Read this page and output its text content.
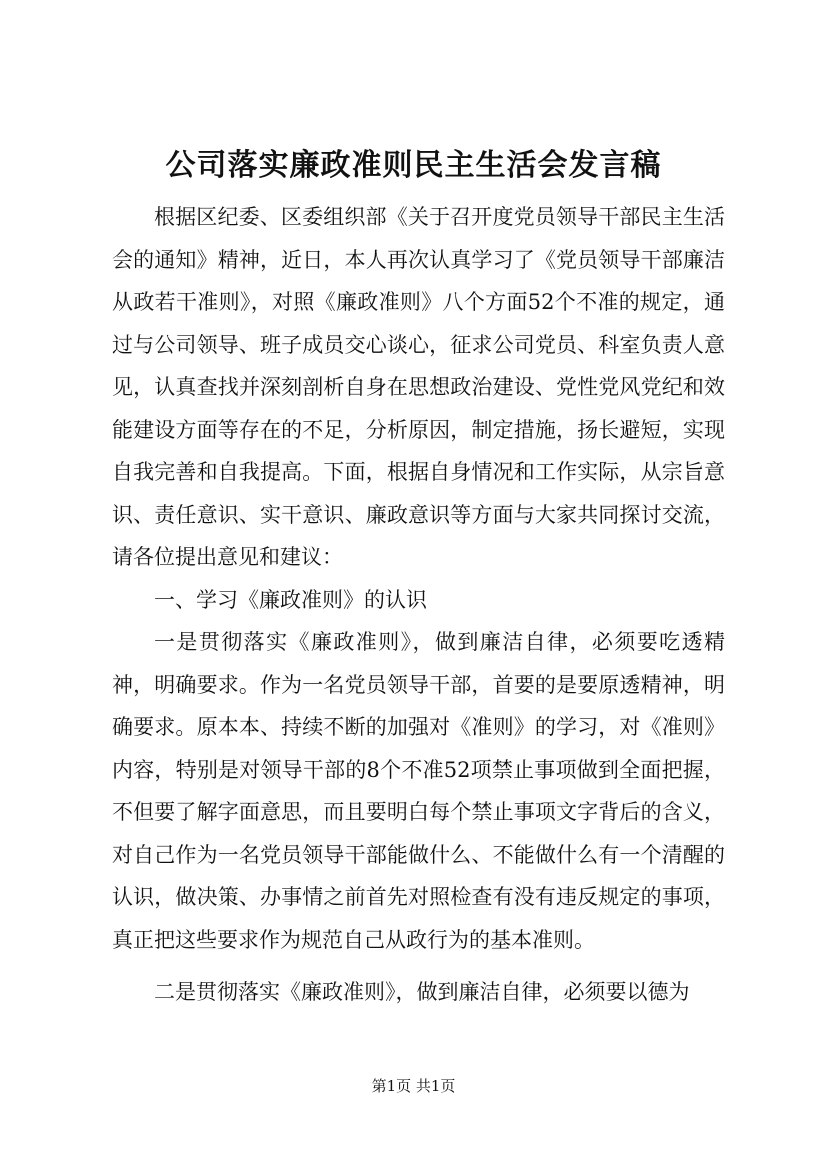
公司落实廉政准则民主生活会发言稿

根据区纪委、区委组织部《关于召开度党员领导干部民主生活会的通知》精神，近日，本人再次认真学习了《党员领导干部廉洁从政若干准则》，对照《廉政准则》八个方面52个不准的规定，通过与公司领导、班子成员交心谈心，征求公司党员、科室负责人意见，认真查找并深刻剖析自身在思想政治建设、党性党风党纪和效能建设方面等存在的不足，分析原因，制定措施，扬长避短，实现自我完善和自我提高。下面，根据自身情况和工作实际，从宗旨意识、责任意识、实干意识、廉政意识等方面与大家共同探讨交流，请各位提出意见和建议：

一、学习《廉政准则》的认识

一是贯彻落实《廉政准则》，做到廉洁自律，必须要吃透精神，明确要求。作为一名党员领导干部，首要的是要原透精神，明确要求。原本本、持续不断的加强对《准则》的学习，对《准则》内容，特别是对领导干部的8个不准52项禁止事项做到全面把握，不但要了解字面意思，而且要明白每个禁止事项文字背后的含义，对自己作为一名党员领导干部能做什么、不能做什么有一个清醒的认识，做决策、办事情之前首先对照检查有没有违反规定的事项，真正把这些要求作为规范自己从政行为的基本准则。

二是贯彻落实《廉政准则》，做到廉洁自律，必须要以德为

第1页 共1页
